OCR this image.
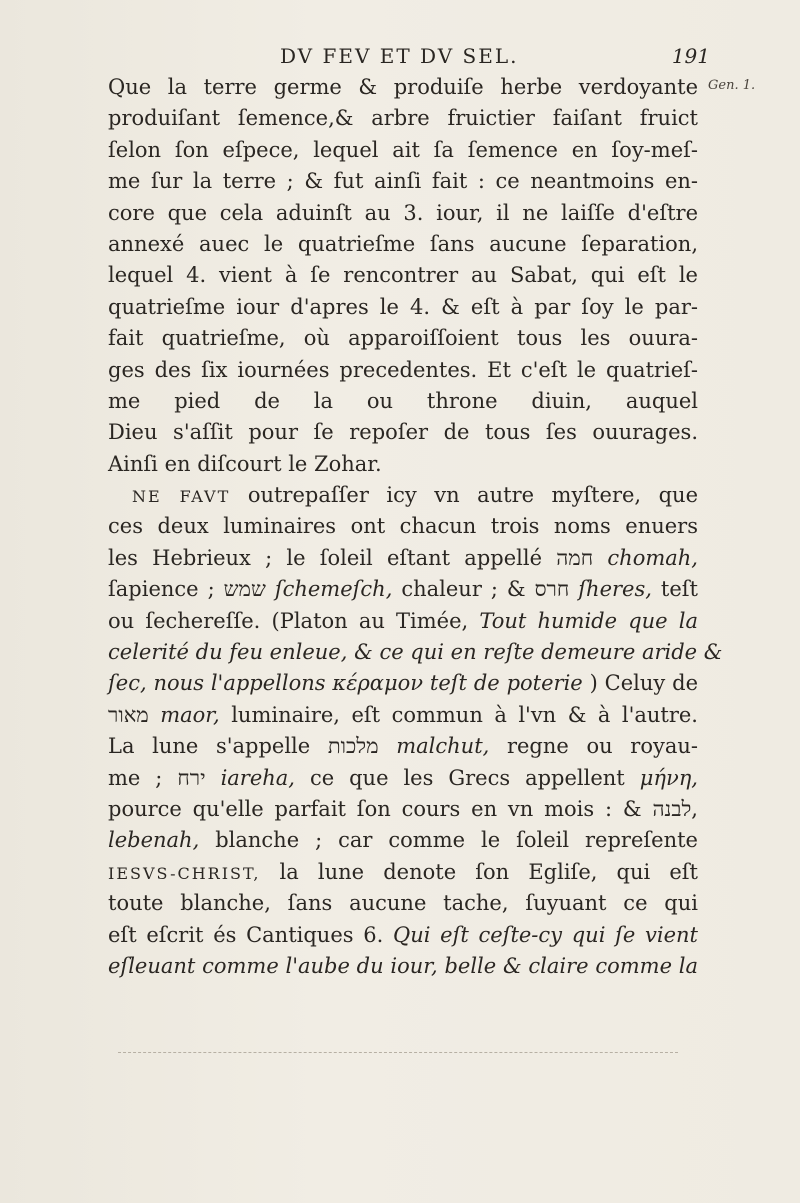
DV FEV ET DV SEL.	191
Gen. 1.
Que la terre germe & produiſe herbe verdoyante
produiſant ſemence,& arbre fruictier faiſant fruict
ſelon ſon eſpece, lequel ait ſa ſemence en ſoy-meſ-
me ſur la terre ; & fut ainſi fait : ce neantmoins en-
core que cela aduinſt au 3. iour, il ne laiſſe d'eſtre
annexé auec le quatrieſme ſans aucune ſeparation,
lequel 4. vient à ſe rencontrer au Sabat, qui eſt le
quatrieſme iour d'apres le 4. & eſt à par ſoy le par-
fait quatrieſme, où apparoiſſoient tous les ouura-
ges des ſix iournées precedentes. Et c'eſt le quatrieſ-
me pied de la ou throne diuin, auquel
Dieu s'aſſit pour ſe repoſer de tous ſes ouurages.
Ainſi en diſcourt le Zohar.
NE FAVT outrepaſſer icy vn autre myſtere, que
ces deux luminaires ont chacun trois noms enuers
les Hebrieux ; le ſoleil eſtant appellé חמה chomah,
ſapience ; שמש ſchemeſch, chaleur ; & חרס ſheres, teſt
ou ſechereſſe. (Platon au Timée, Tout humide que la
celerité du feu enleue, & ce qui en reſte demeure aride &
ſec, nous l'appellons κέραμον teſt de poterie ) Celuy de
מאור maor, luminaire, eſt commun à l'vn & à l'autre.
La lune s'appelle מלכות malchut, regne ou royau-
me ; ירח iareha, ce que les Grecs appellent μήνη,
pource qu'elle parfait ſon cours en vn mois : & לבנה,
lebenah, blanche ; car comme le ſoleil repreſente
IESVS-CHRIST, la lune denote ſon Egliſe, qui eſt
toute blanche, ſans aucune tache, ſuyuant ce qui
eſt eſcrit és Cantiques 6. Qui eſt ceſte-cy qui ſe vient
eſleuant comme l'aube du iour, belle & claire comme la
